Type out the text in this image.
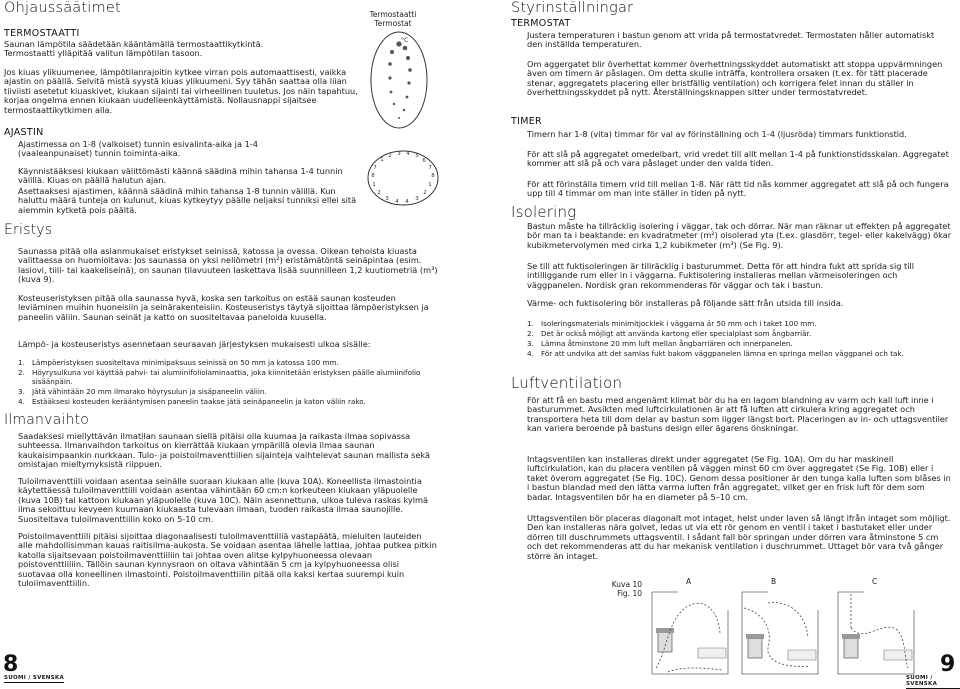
Ohjaussäätimet
TERMOSTAATTI
Saunan lämpötila säädetään kääntämällä termostaattikytkintä. Termostaatti ylläpitää valitun lämpötilan tasoon.
Jos kiuas ylikuumenee, lämpötilanrajoitin kytkee virran pois automaattisesti, vaikka ajastin on päällä. Selvitä mistä syystä kiuas ylikuumeni. Syy tähän saattaa olla liian tiiviisti asetetut kiuaskivet, kiukaan sijainti tai virheellinen tuuletus. Jos näin tapahtuu, korjaa ongelma ennen kiukaan uudelleenkäyttämistä. Nollausnappi sijaitsee termostaattikytkimen alla.
AJASTIN
Ajastimessa on 1-8 (valkoiset) tunnin esivalinta-aika ja 1-4 (vaaleanpunaiset) tunnin toiminta-aika.
Käynnistääksesi kiukaan välittömästi käännä säädinä mihin tahansa 1-4 tunnin välillä. Kiuas on päällä halutun ajan.
Asettaaksesi ajastimen, käännä säädinä mihin tahansa 1-8 tunnin välillä. Kun haluttu määrä tunteja on kulunut, kiuas kytkeytyy päälle neljaksi tunniksi ellei sitä aiemmin kytketä pois päältä.
Eristys
Saunassa pitää olla asianmukaiset eristykset seinissä, katossa ja ovessa. Oikean tehoista kiuasta valittaessa on huomioitava: Jos saunassa on yksi neliömetri (m²) eristämätöntä seinäpintaa (esim. lasiovi, tiili- tai kaakeliseinä), on saunan tilavuuteen laskettava lisää suunnilleen 1,2 kuutiometriä (m³) (kuva 9).
Kosteuseristyksen pitää olla saunassa hyvä, koska sen tarkoitus on estää saunan kosteuden leviäminen muihin huoneisiin ja seinärakenteisiin. Kosteuseristys täytyä sijoittaa lämpöeristyksen ja paneelin väliin. Saunan seinät ja katto on suositeltavaa paneloida kuusella.
Lämpö- ja kosteuseristys asennetaan seuraavan järjestyksen mukaisesti ulkoa sisälle:
1. Lämpöeristyksen suositeltava minimipaksuus seinissä on 50 mm ja katossa 100 mm.
2. Höyrysulkuna voi käyttää pahvi- tai alumiinifoliolaminaattia, joka kiinnitetään eristyksen päälle alumiinifolio sisäänpäin.
3. Jätä vähintään 20 mm ilmarako höyrysulun ja sisäpaneelin väliin.
4. Estääksesi kosteuden kerääntymisen paneelin taakse jätä seinäpaneelin ja katon väliin rako.
Ilmanvaihto
Saadaksesi miellyttävän ilmatilan saunaan siellä pitäisi olla kuumaa ja raikasta ilmaa sopivassa suhteessa. Ilmanvaihdon tarkoitus on kierrättää kiukaan ympärillä olevia ilmaa saunan kaukaisimpaankin nurkkaan. Tulo- ja poistoilmaventtiilien sijainteja vaihtelevat saunan mallista sekä omistajan mieltymyksistä riippuen.
Tuloilmaventtiili voidaan asentaa seinälle suoraan kiukaan alle (kuva 10A). Koneellista ilmastointia käytettäessä tuloilmaventtiili voidaan asentaa vähintään 60 cm:n korkeuteen kiukaan yläpuolelle (kuva 10B) tai kattoon kiukaan yläpuolelle (kuva 10C). Näin asennettuna, ulkoa tuleva raskas kylmä ilma sekoittuu kevyeen kuumaan kiukaasta tulevaan ilmaan, tuoden raikasta ilmaa saunojille. Suositeltava tuloilmaventtiilin koko on 5-10 cm.
Poistoilmaventtiili pitäisi sijoittaa diagonaalisesti tuloilmaventtiiliä vastapäätä, mieluiten lauteiden alle mahdollisimman kauas raitisilma-aukosta. Se voidaan asentaa lähelle lattiaa, johtaa putkea pitkin katolla sijaitsevaan poistoilmaventtiiliin tai johtaa oven alitse kylpyhuoneessa olevaan poistoventtiiliin. Tällöin saunan kynnysraon on oltava vähintään 5 cm ja kylpyhuoneessa olisi suotavaa olla koneellinen ilmastointi. Poistoilmaventtiilin pitää olla kaksi kertaa suurempi kuin tuloilmaventtiilin.
8
SUOMI / SVENSKA
Termostaatti
Termostat
°C
1
2 3 4 5
6
7
8
1
2
3
4
4
3
2
1
8
7
Styrinställningar
TERMOSTAT
Justera temperaturen i bastun genom att vrida på termostatvredet. Termostaten håller automatiskt den inställda temperaturen.
Om aggergatet blir överhettat kommer överhettningsskyddet automatiskt att stoppa uppvärmningen även om timern är påslagen. Om detta skulle inträffa, kontrollera orsaken (t.ex. för tätt placerade stenar, aggregatets placering eller bristfällig ventilation) och korrigera felet innan du ställer in överhettningsskyddet på nytt. Återställningsknappen sitter under termostatvredet.
TIMER
Timern har 1-8 (vita) timmar för val av förinställning och 1-4 (ljusröda) timmars funktionstid.
För att slå på aggregatet omedelbart, vrid vredet till allt mellan 1-4 på funktionstidsskalan. Aggregatet kommer att slå på och vara påslaget under den valda tiden.
För att förinställa timern vrid till mellan 1-8. När rätt tid nås kommer aggregatet att slå på och fungera upp till 4 timmar om man inte ställer in tiden på nytt.
Isolering
Bastun måste ha tillräcklig isolering i väggar, tak och dörrar. När man räknar ut effekten på aggregatet bör man ta i beaktande: en kvadratmeter (m²) oisolerad yta (t.ex. glasdörr, tegel- eller kakelvägg) ökar kubikmetervolymen med cirka 1,2 kubikmeter (m³) (Se Fig. 9).
Se till att fuktisoleringen är tillräcklig i basturummet. Detta för att hindra fukt att sprida sig till intilliggande rum eller in i väggarna. Fuktisolering installeras mellan värmeisoleringen och väggpanelen. Nordisk gran rekommenderas för väggar och tak i bastun.
Värme- och fuktisolering bör installeras på följande sätt från utsida till insida.
1. Isoleringsmaterials minimitjocklek i väggarna är 50 mm och i taket 100 mm.
2. Det är också möjligt att använda kartong eller specialplast som ångbarriär.
3. Lämna åtminstone 20 mm luft mellan ångbarriären och innerpanelen.
4. För att undvika att det samlas fukt bakom väggpanelen lämna en springa mellan väggpanel och tak.
Luftventilation
För att få en bastu med angenämt klimat bör du ha en lagom blandning av varm och kall luft inne i basturummet. Avsikten med luftcirkulationen är att få luften att cirkulera kring aggregatet och transportera heta till dom delar av bastun som ligger längst bort. Placeringen av in- och uttagsventiler kan variera beroende på bastuns design eller ägarens önskningar.
Intagsventilen kan installeras direkt under aggregatet (Se Fig. 10A). Om du har maskinell luftcirkulation, kan du placera ventilen på väggen minst 60 cm över aggregatet (Se Fig. 10B) eller i taket överom aggregatet (Se Fig. 10C). Genom dessa positioner är den tunga kalla luften som blåses in i bastun blandad med den lätta varma luften från aggregatet, vilket ger en frisk luft för dem som badar. Intagsventilen bör ha en diameter på 5–10 cm.
Uttagsventilen bör placeras diagonalt mot intaget, helst under laven så längt ifrån intaget som möjligt. Den kan installeras nära golvet, ledas ut via ett rör genom en ventil i taket i bastutaket eller under dörren till duschrummets uttagsventil. I sådant fall bör springan under dörren vara åtminstone 5 cm och det rekommenderas att du har mekanisk ventilation i duschrummet. Uttaget bör vara två gånger större än intaget.
Kuva 10
Fig. 10
A	B	C
9
SUOMI / SVENSKA
